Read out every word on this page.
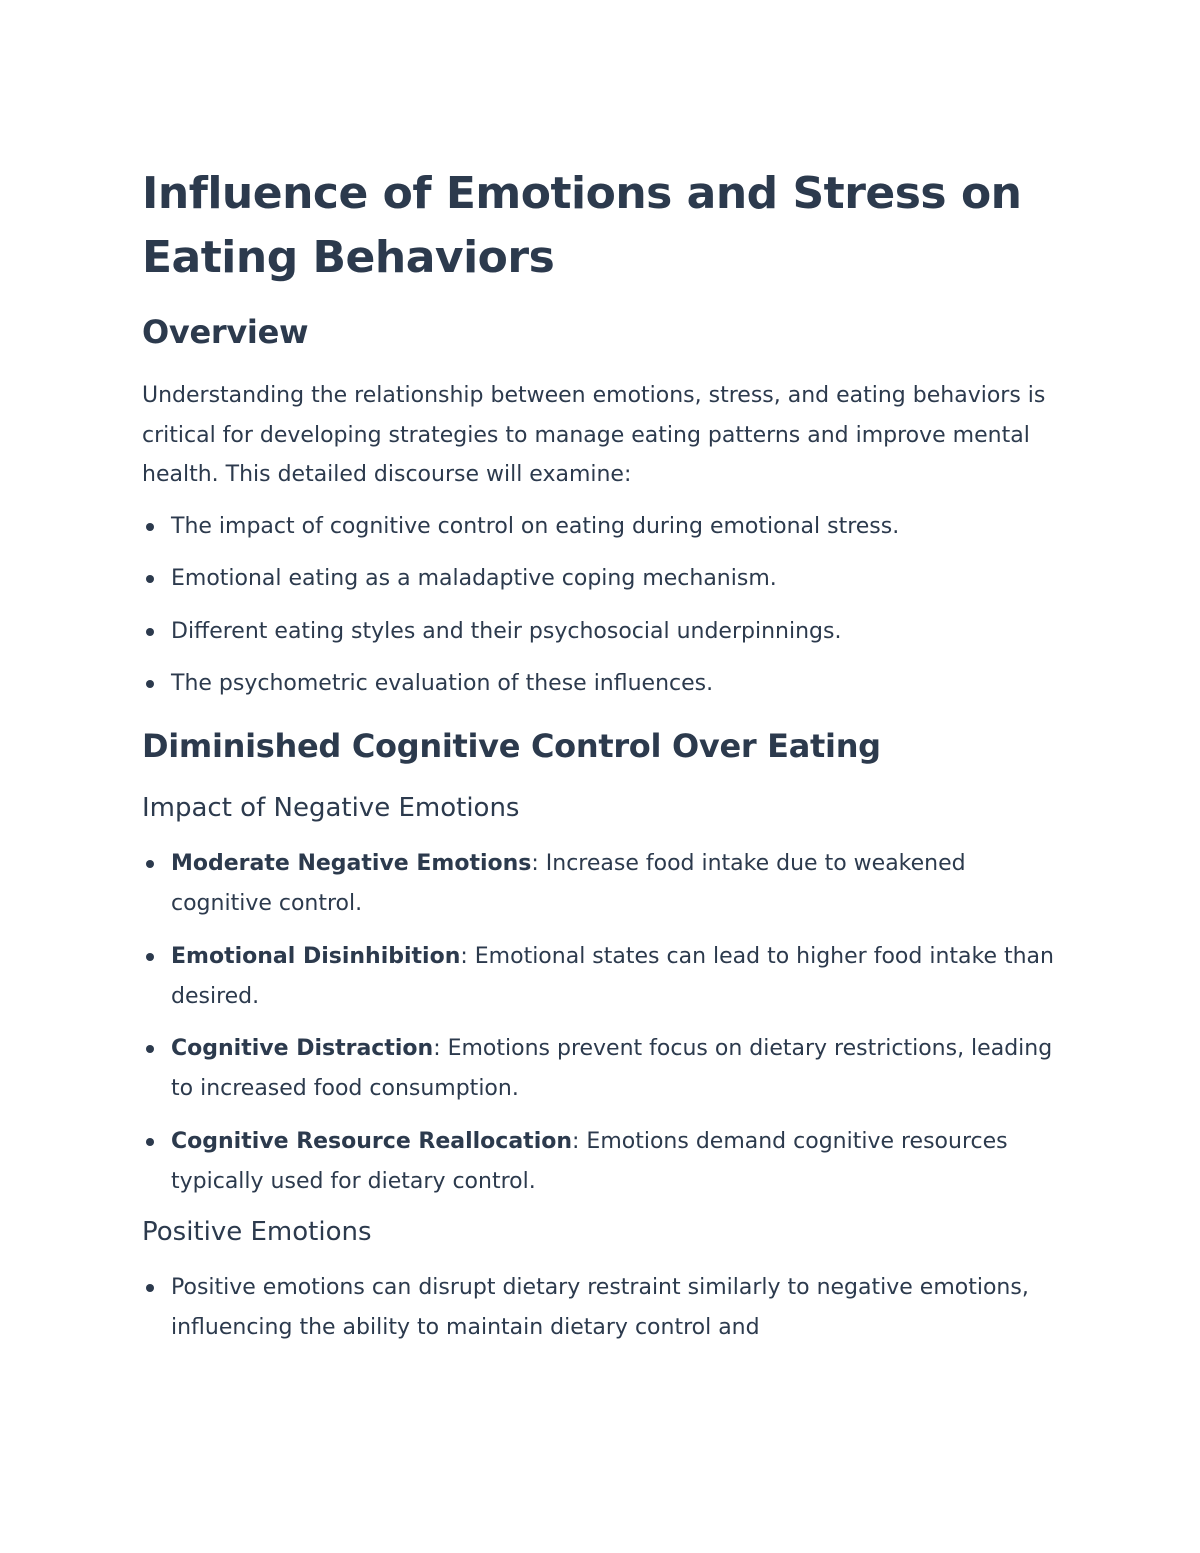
Influence of Emotions and Stress on Eating Behaviors
Overview

Understanding the relationship between emotions, stress, and eating behaviors is critical for developing strategies to manage eating patterns and improve mental health. This detailed discourse will examine:

The impact of cognitive control on eating during emotional stress.
Emotional eating as a maladaptive coping mechanism.
Different eating styles and their psychosocial underpinnings.
The psychometric evaluation of these influences.
Diminished Cognitive Control Over Eating
Impact of Negative Emotions
Moderate Negative Emotions: Increase food intake due to weakened cognitive control.
Emotional Disinhibition: Emotional states can lead to higher food intake than desired.
Cognitive Distraction: Emotions prevent focus on dietary restrictions, leading to increased food consumption.
Cognitive Resource Reallocation: Emotions demand cognitive resources typically used for dietary control.
Positive Emotions
Positive emotions can disrupt dietary restraint similarly to negative emotions, influencing the ability to maintain dietary control and
